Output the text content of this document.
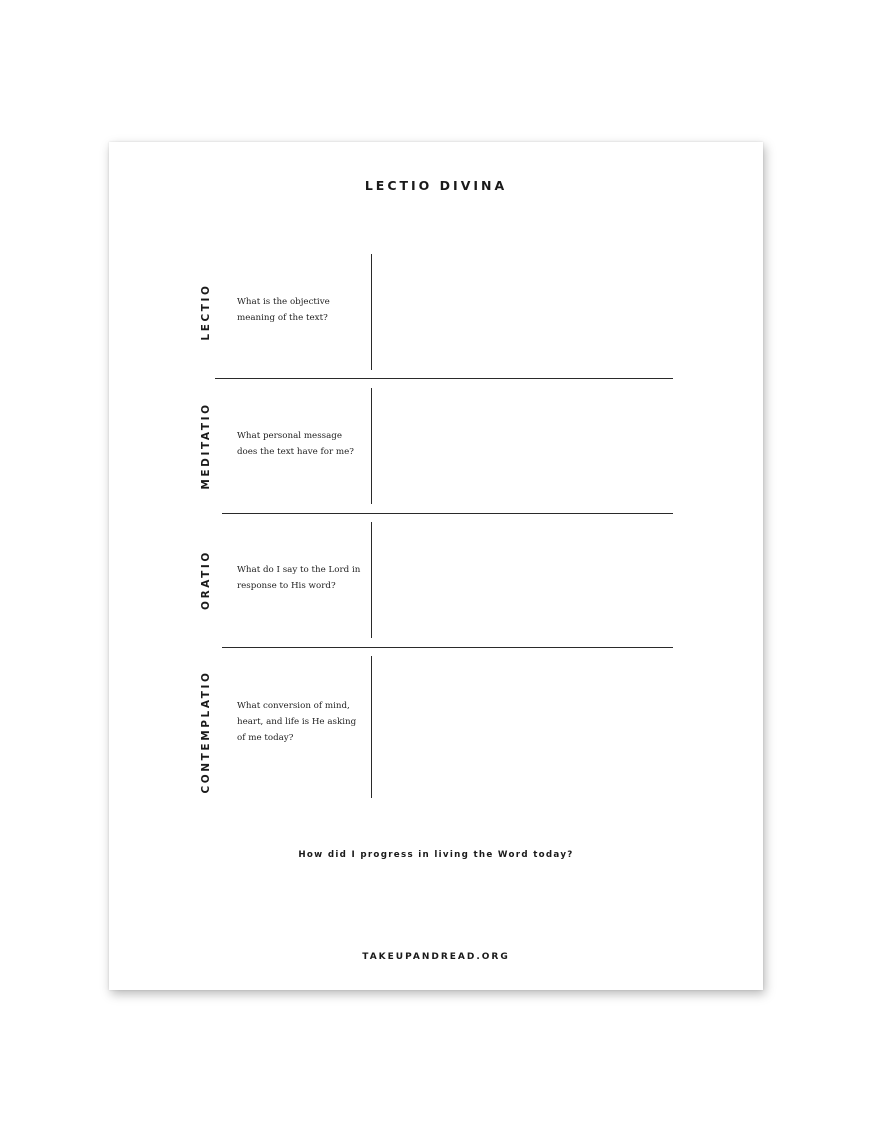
LECTIO DIVINA
LECTIO	What is the objective meaning of the text?
MEDITATIO	What personal message does the text have for me?
ORATIO	What do I say to the Lord in response to His word?
CONTEMPLATIO	What conversion of mind, heart, and life is He asking of me today?
How did I progress in living the Word today?
TAKEUPANDREAD.ORG
